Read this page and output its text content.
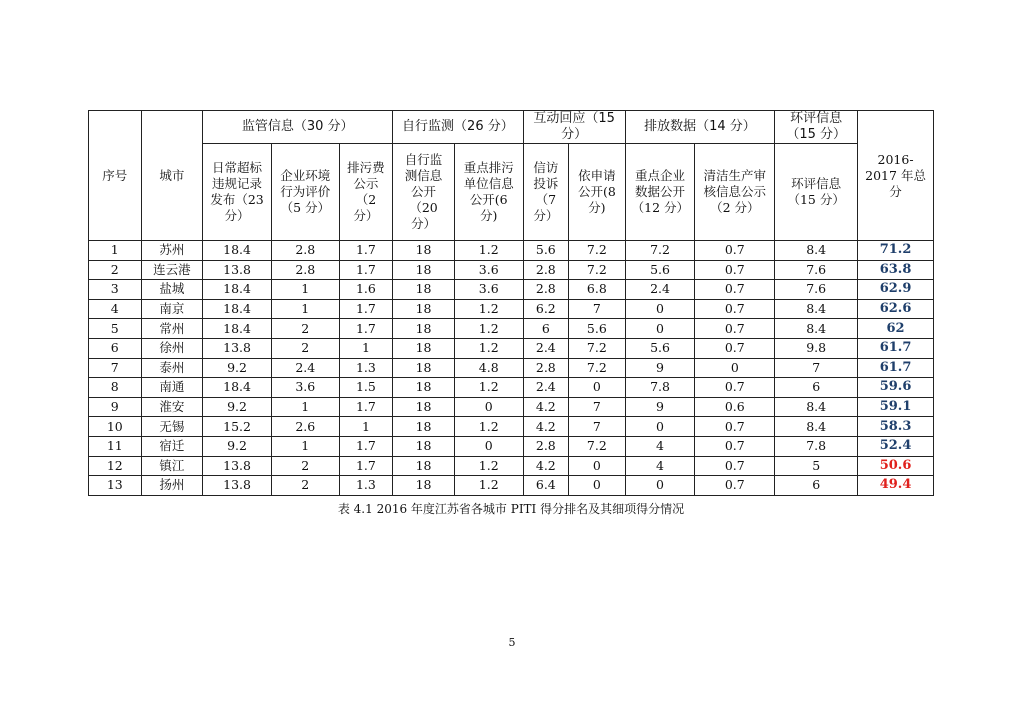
序号	城市	监管信息（30 分）			自行监测（26 分）		互动回应（15 分）		排放数据（14 分）		环评信息（15 分）	2016-2017 年总分

		日常超标违规记录发布（23 分）	企业环境行为评价（5 分）	排污费公示（2 分）	自行监测信息公开（20 分）	重点排污单位信息公开(6 分)	信访投诉（7 分）	依申请公开(8 分)	重点企业数据公开（12 分）	清洁生产审核信息公示（2 分）	环评信息（15 分）	

1	苏州	18.4	2.8	1.7	18	1.2	5.6	7.2	7.2	0.7	8.4	71.2
2	连云港	13.8	2.8	1.7	18	3.6	2.8	7.2	5.6	0.7	7.6	63.8
3	盐城	18.4	1	1.6	18	3.6	2.8	6.8	2.4	0.7	7.6	62.9
4	南京	18.4	1	1.7	18	1.2	6.2	7	0	0.7	8.4	62.6
5	常州	18.4	2	1.7	18	1.2	6	5.6	0	0.7	8.4	62
6	徐州	13.8	2	1	18	1.2	2.4	7.2	5.6	0.7	9.8	61.7
7	泰州	9.2	2.4	1.3	18	4.8	2.8	7.2	9	0	7	61.7
8	南通	18.4	3.6	1.5	18	1.2	2.4	0	7.8	0.7	6	59.6
9	淮安	9.2	1	1.7	18	0	4.2	7	9	0.6	8.4	59.1
10	无锡	15.2	2.6	1	18	1.2	4.2	7	0	0.7	8.4	58.3
11	宿迁	9.2	1	1.7	18	0	2.8	7.2	4	0.7	7.8	52.4
12	镇江	13.8	2	1.7	18	1.2	4.2	0	4	0.7	5	50.6
13	扬州	13.8	2	1.3	18	1.2	6.4	0	0	0.7	6	49.4
表 4.1 2016 年度江苏省各城市 PITI 得分排名及其细项得分情况
5
